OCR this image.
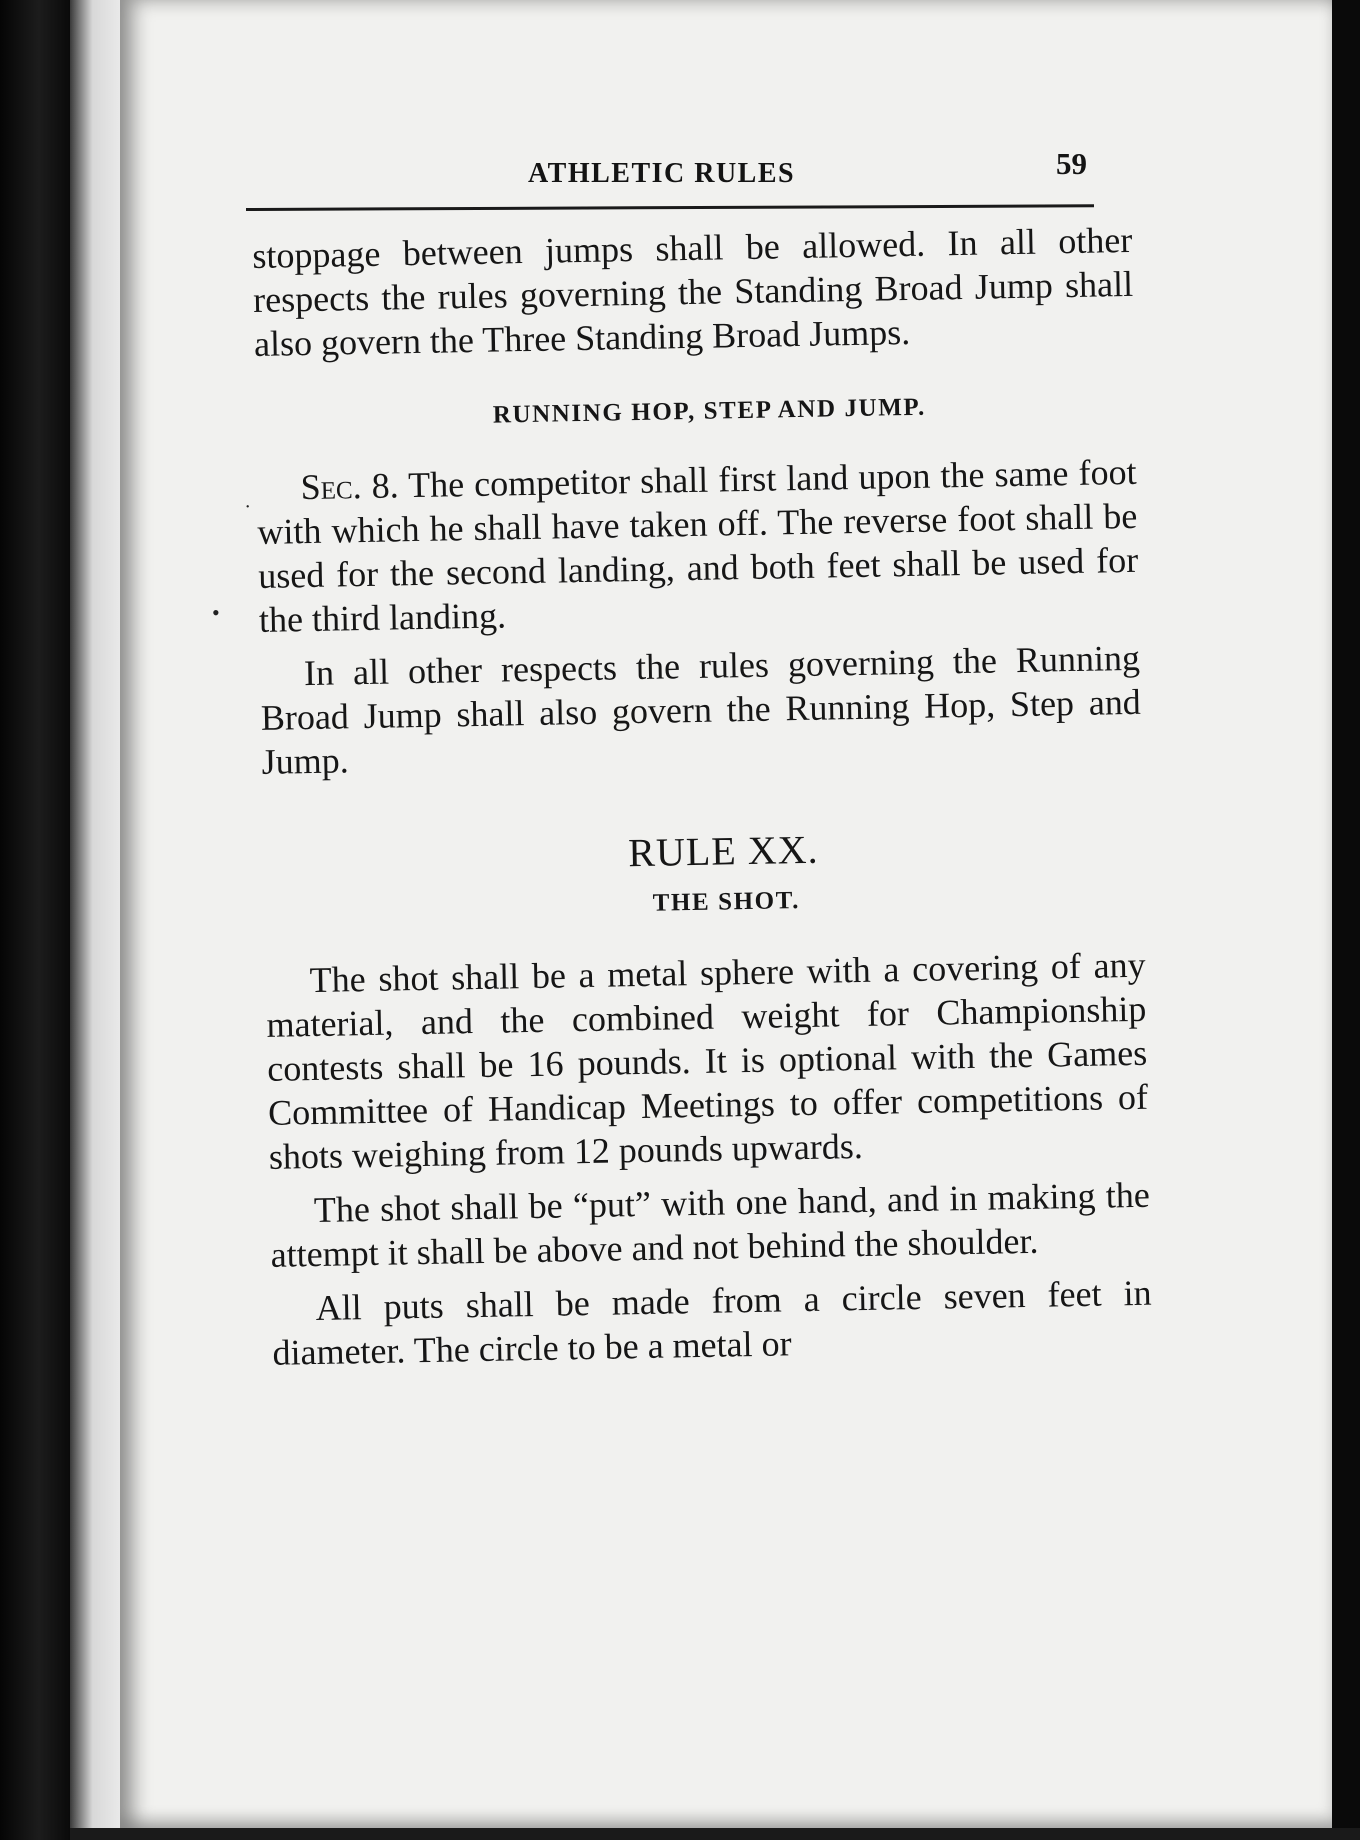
ATHLETIC RULES	59
˙
•

stoppage between jumps shall be allowed. In all other respects the rules governing the Standing Broad Jump shall also govern the Three Standing Broad Jumps.

RUNNING HOP, STEP AND JUMP.

Sec. 8. The competitor shall first land upon the same foot with which he shall have taken off. The reverse foot shall be used for the second landing, and both feet shall be used for the third landing.

In all other respects the rules governing the Running Broad Jump shall also govern the Running Hop, Step and Jump.

RULE XX.
THE SHOT.

The shot shall be a metal sphere with a covering of any material, and the combined weight for Championship contests shall be 16 pounds. It is optional with the Games Committee of Handicap Meetings to offer competitions of shots weighing from 12 pounds upwards.

The shot shall be “put” with one hand, and in making the attempt it shall be above and not behind the shoulder.

All puts shall be made from a circle seven feet in diameter. The circle to be a metal or
